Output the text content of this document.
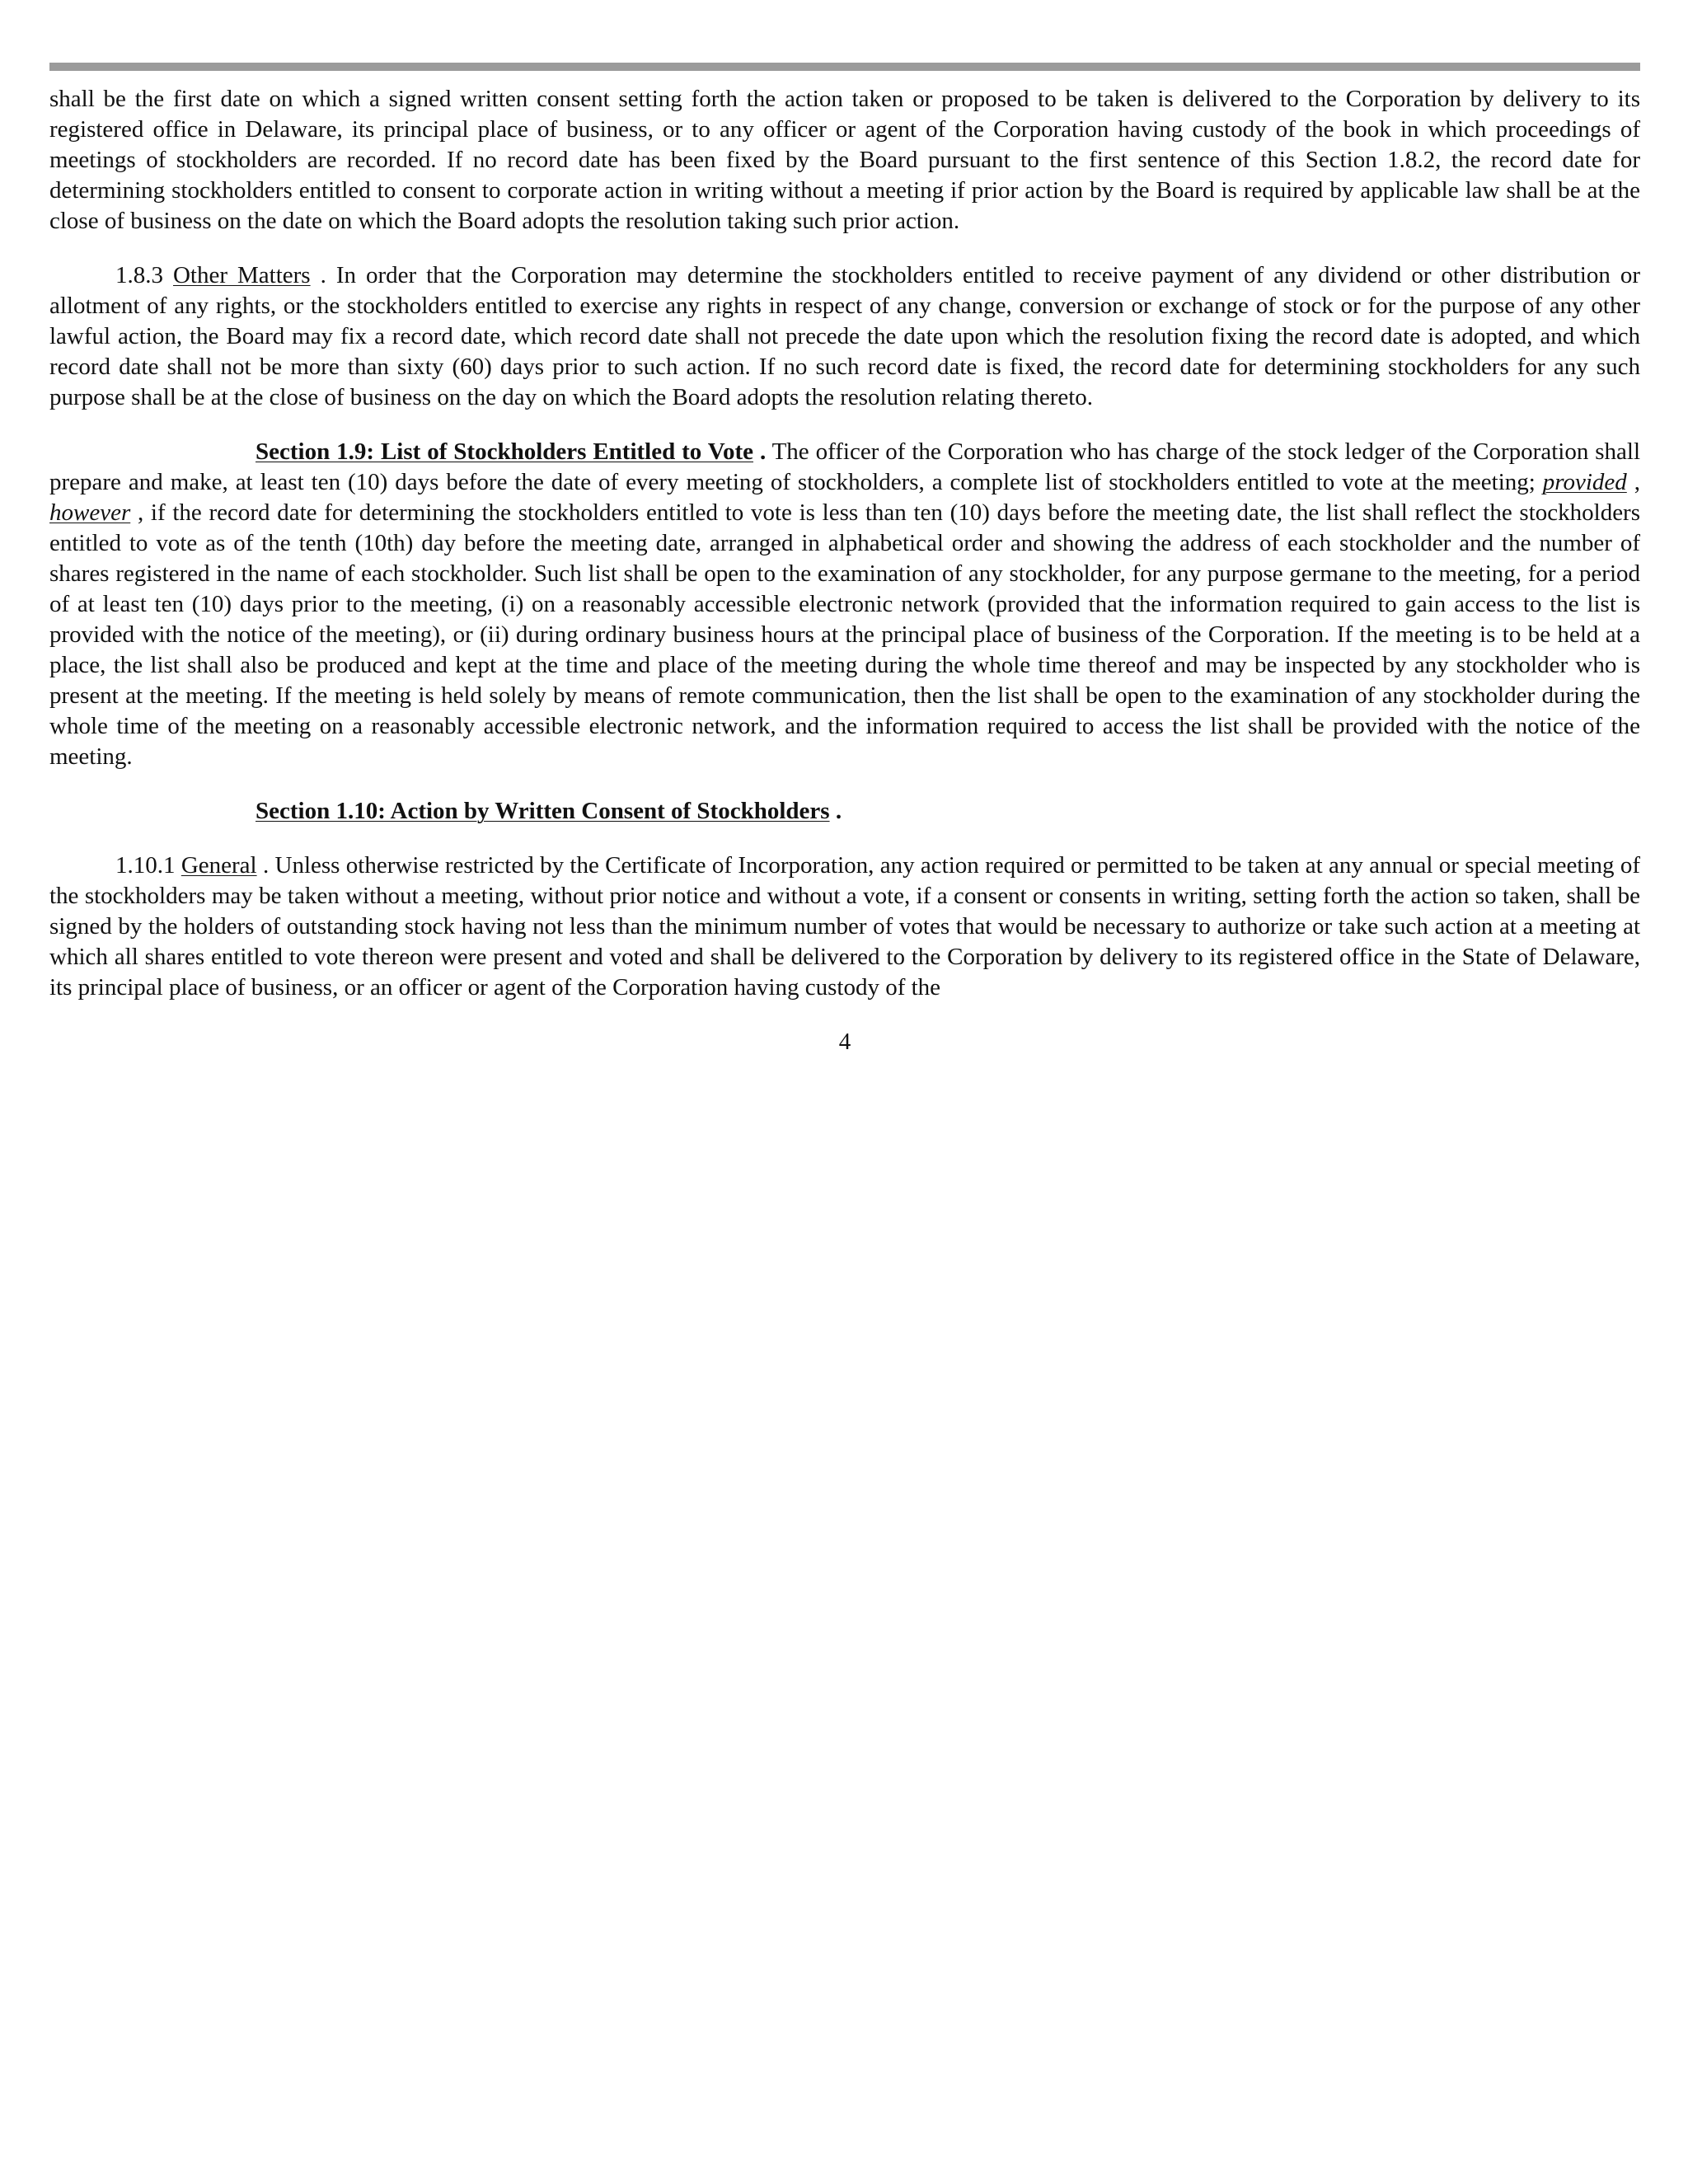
shall be the first date on which a signed written consent setting forth the action taken or proposed to be taken is delivered to the Corporation by delivery to its registered office in Delaware, its principal place of business, or to any officer or agent of the Corporation having custody of the book in which proceedings of meetings of stockholders are recorded. If no record date has been fixed by the Board pursuant to the first sentence of this Section 1.8.2, the record date for determining stockholders entitled to consent to corporate action in writing without a meeting if prior action by the Board is required by applicable law shall be at the close of business on the date on which the Board adopts the resolution taking such prior action.

1.8.3 Other Matters . In order that the Corporation may determine the stockholders entitled to receive payment of any dividend or other distribution or allotment of any rights, or the stockholders entitled to exercise any rights in respect of any change, conversion or exchange of stock or for the purpose of any other lawful action, the Board may fix a record date, which record date shall not precede the date upon which the resolution fixing the record date is adopted, and which record date shall not be more than sixty (60) days prior to such action. If no such record date is fixed, the record date for determining stockholders for any such purpose shall be at the close of business on the day on which the Board adopts the resolution relating thereto.

Section 1.9: List of Stockholders Entitled to Vote . The officer of the Corporation who has charge of the stock ledger of the Corporation shall prepare and make, at least ten (10) days before the date of every meeting of stockholders, a complete list of stockholders entitled to vote at the meeting; provided , however , if the record date for determining the stockholders entitled to vote is less than ten (10) days before the meeting date, the list shall reflect the stockholders entitled to vote as of the tenth (10th) day before the meeting date, arranged in alphabetical order and showing the address of each stockholder and the number of shares registered in the name of each stockholder. Such list shall be open to the examination of any stockholder, for any purpose germane to the meeting, for a period of at least ten (10) days prior to the meeting, (i) on a reasonably accessible electronic network (provided that the information required to gain access to the list is provided with the notice of the meeting), or (ii) during ordinary business hours at the principal place of business of the Corporation. If the meeting is to be held at a place, the list shall also be produced and kept at the time and place of the meeting during the whole time thereof and may be inspected by any stockholder who is present at the meeting. If the meeting is held solely by means of remote communication, then the list shall be open to the examination of any stockholder during the whole time of the meeting on a reasonably accessible electronic network, and the information required to access the list shall be provided with the notice of the meeting.

Section 1.10: Action by Written Consent of Stockholders .

1.10.1 General . Unless otherwise restricted by the Certificate of Incorporation, any action required or permitted to be taken at any annual or special meeting of the stockholders may be taken without a meeting, without prior notice and without a vote, if a consent or consents in writing, setting forth the action so taken, shall be signed by the holders of outstanding stock having not less than the minimum number of votes that would be necessary to authorize or take such action at a meeting at which all shares entitled to vote thereon were present and voted and shall be delivered to the Corporation by delivery to its registered office in the State of Delaware, its principal place of business, or an officer or agent of the Corporation having custody of the

4
